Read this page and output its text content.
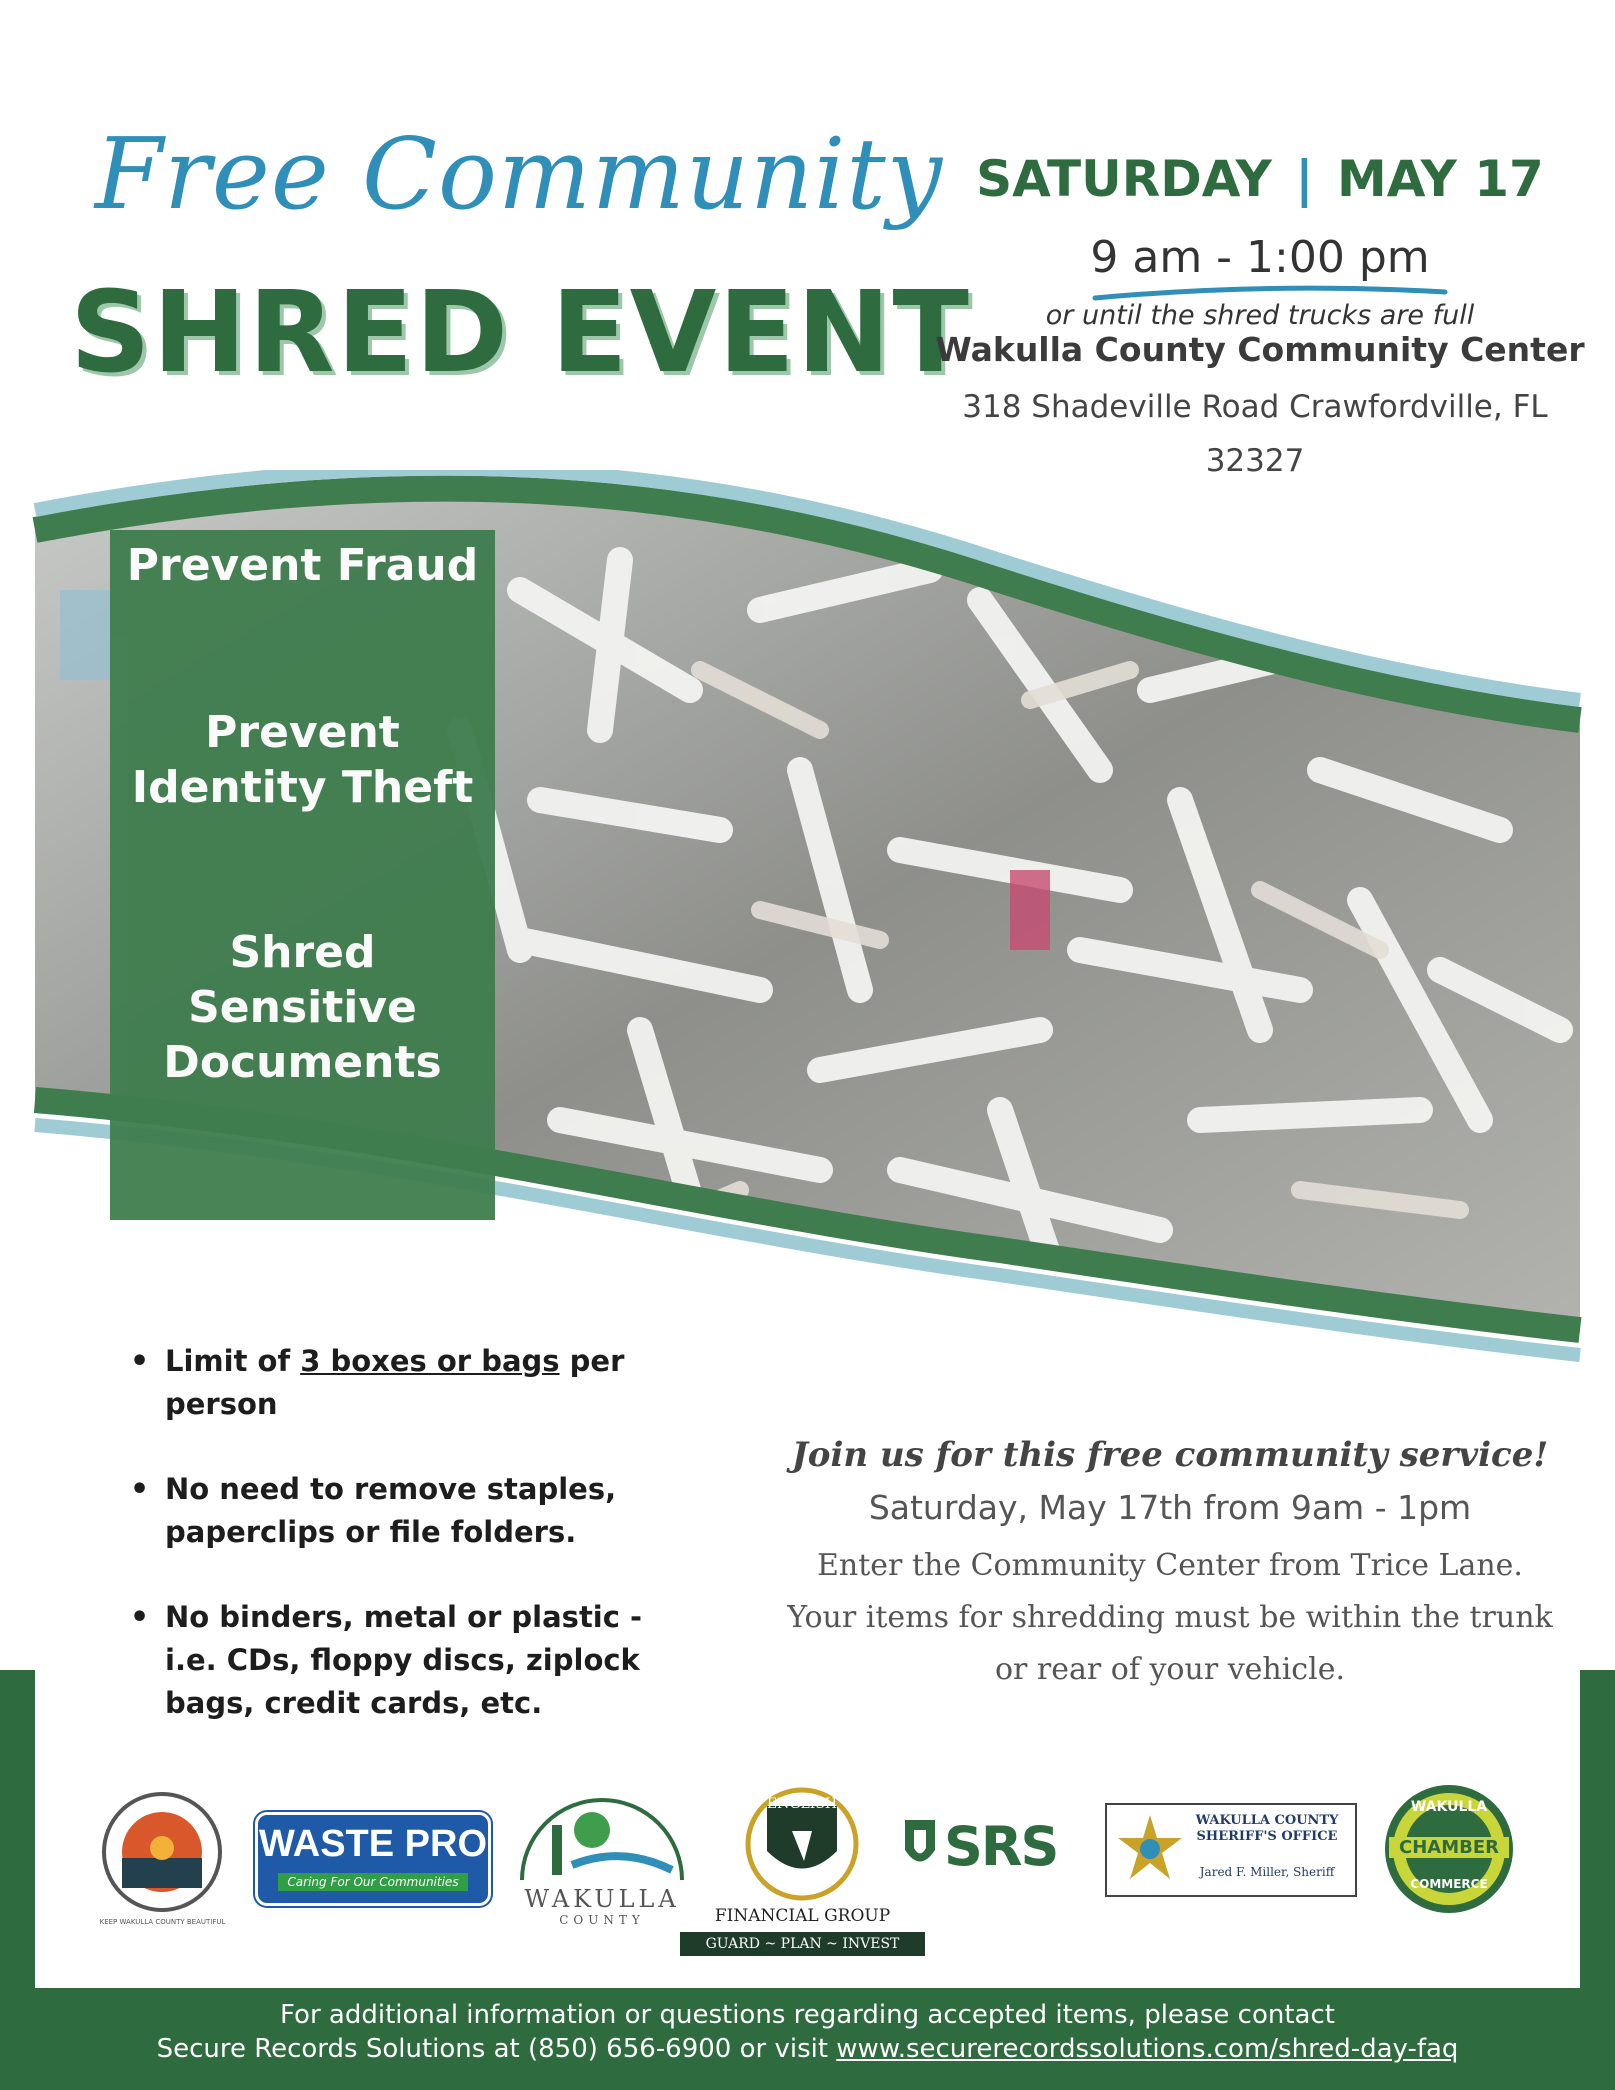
Free Community
SHRED EVENT
SATURDAY | MAY 17
9 am - 1:00 pm
or until the shred trucks are full
Wakulla County Community Center
318 Shadeville Road Crawfordville, FL
32327
Prevent Fraud
Prevent Identity Theft
Shred Sensitive Documents
• Limit of 3 boxes or bags per person
• No need to remove staples, paperclips or file folders.
• No binders, metal or plastic - i.e. CDs, floppy discs, ziplock bags, credit cards, etc.
Join us for this free community service!
Saturday, May 17th from 9am - 1pm
Enter the Community Center from Trice Lane.
Your items for shredding must be within the trunk
or rear of your vehicle.
KEEP WAKULLA COUNTY BEAUTIFUL
WASTE PRO
Caring For Our Communities
WAKULLA
COUNTY
ENGLISH
FINANCIAL GROUP
GUARD ~ PLAN ~ INVEST
SRS	WAKULLA COUNTY SHERIFF'S OFFICE
Jared F. Miller, Sheriff
WAKULLA
CHAMBER
COMMERCE
For additional information or questions regarding accepted items, please contact
Secure Records Solutions at (850) 656-6900 or visit www.securerecordssolutions.com/shred-day-faq
